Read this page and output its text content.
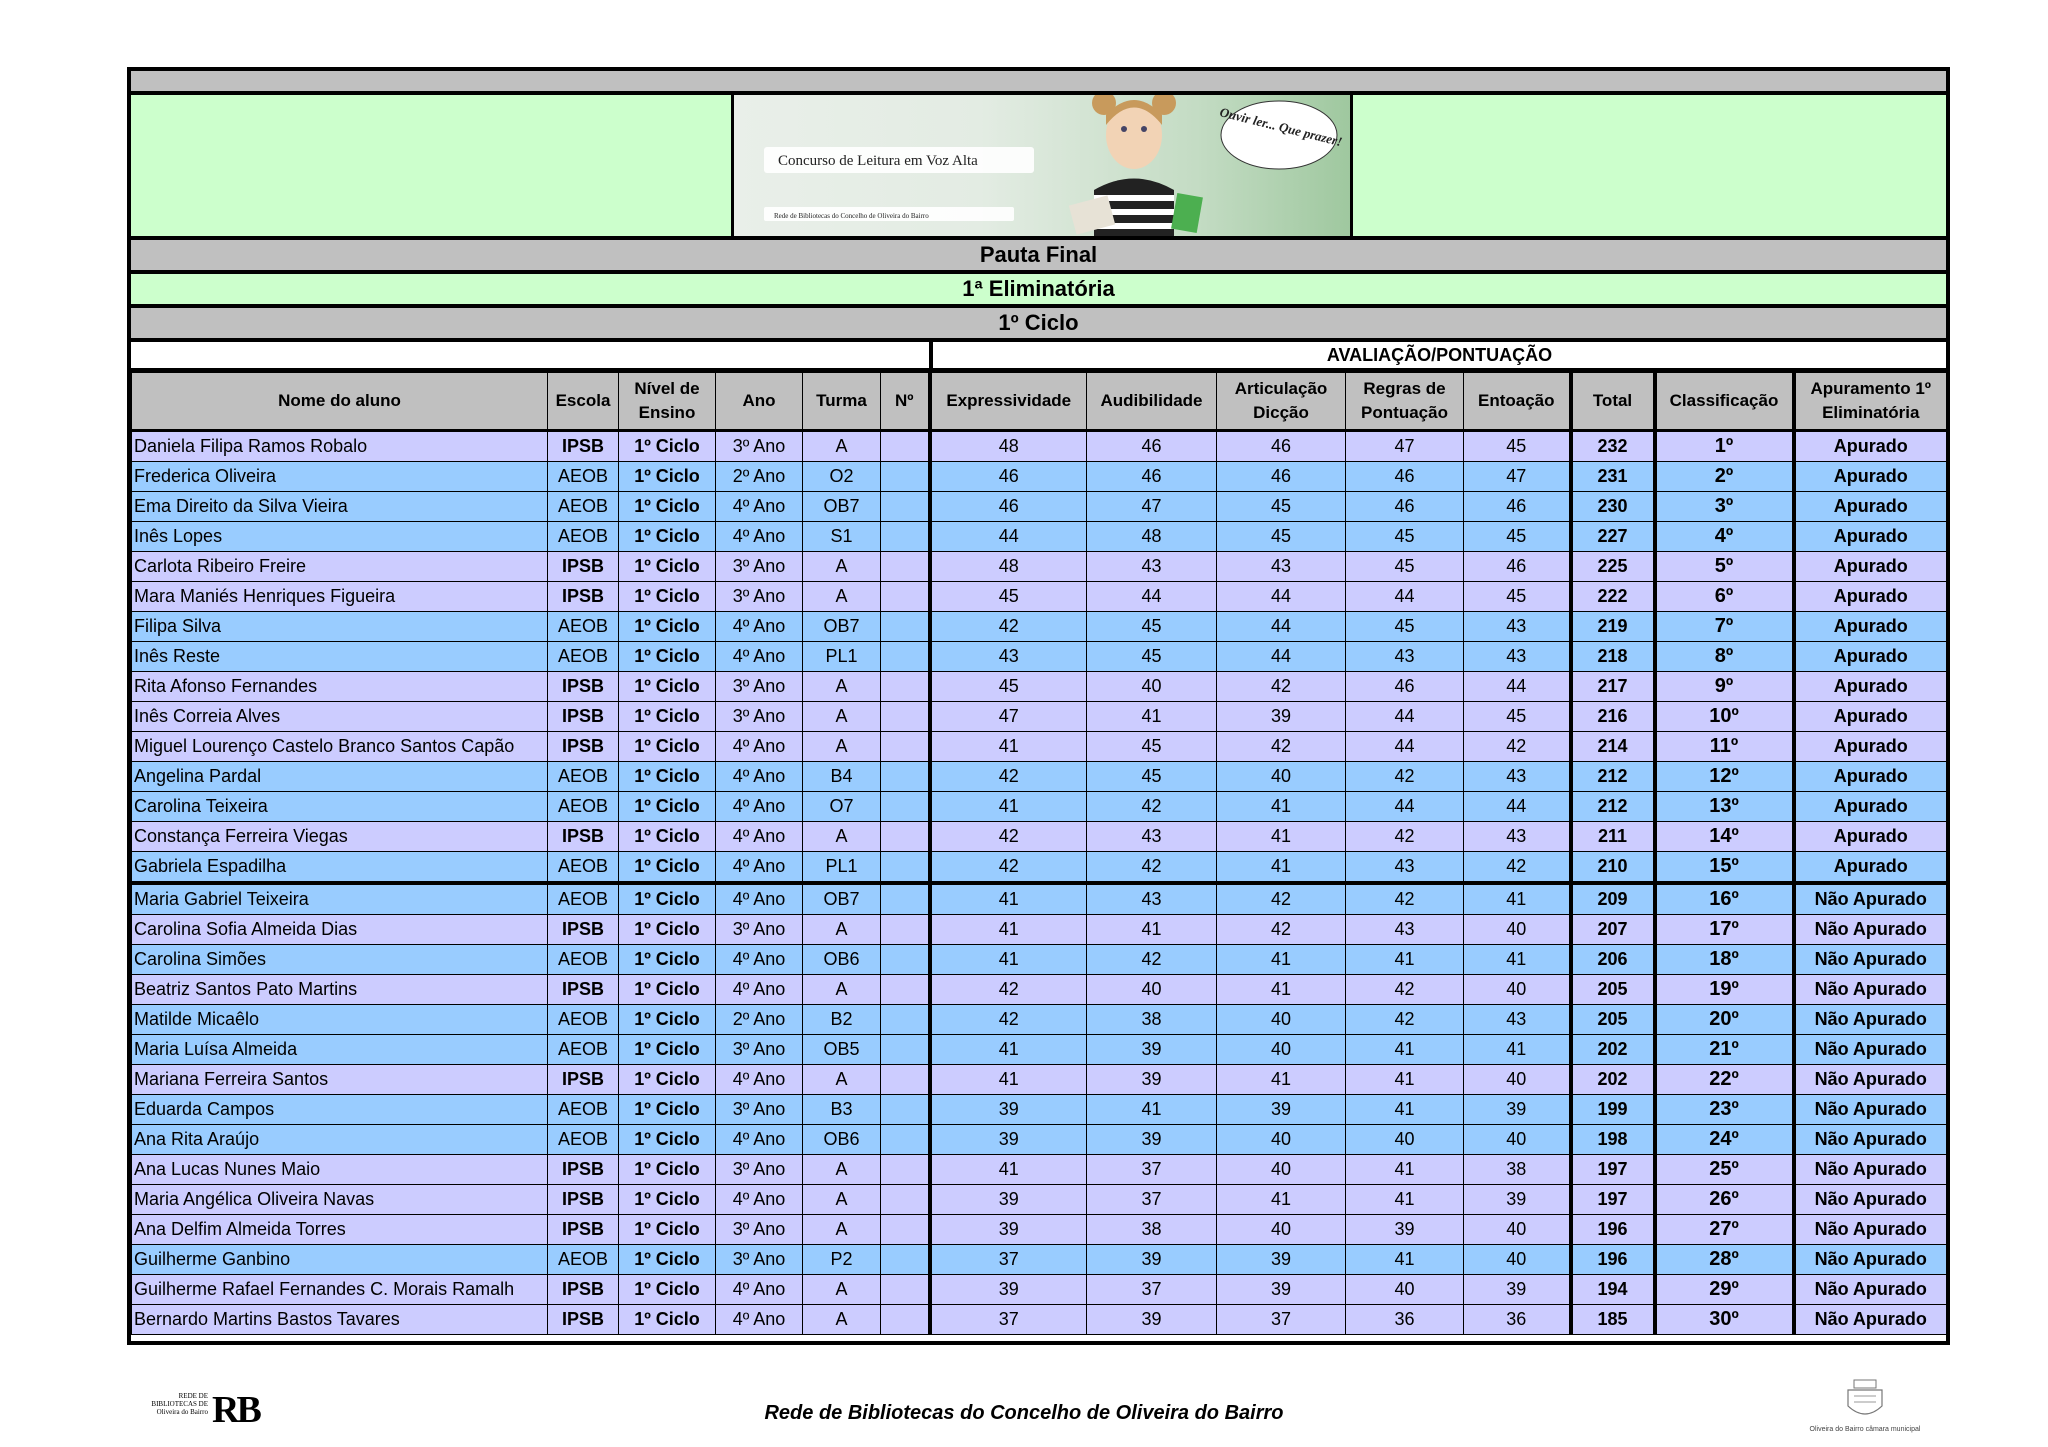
Concurso de Leitura em Voz Alta
Rede de Bibliotecas do Concelho de Oliveira do Bairro
Ouvir ler... Que prazer!
Pauta Final
1ª Eliminatória
1º Ciclo
AVALIAÇÃO/PONTUAÇÃO
Nome do aluno	Escola	Nível de Ensino	Ano	Turma	Nº	Expressividade	Audibilidade	Articulação Dicção	Regras de Pontuação	Entoação	Total	Classificação	Apuramento 1º Eliminatória
Daniela Filipa Ramos Robalo	IPSB	1º Ciclo	3º Ano	A		48	46	46	47	45	232	1º	Apurado
Frederica Oliveira	AEOB	1º Ciclo	2º Ano	O2		46	46	46	46	47	231	2º	Apurado
Ema Direito da Silva Vieira	AEOB	1º Ciclo	4º Ano	OB7		46	47	45	46	46	230	3º	Apurado
Inês Lopes	AEOB	1º Ciclo	4º Ano	S1		44	48	45	45	45	227	4º	Apurado
Carlota Ribeiro Freire	IPSB	1º Ciclo	3º Ano	A		48	43	43	45	46	225	5º	Apurado
Mara Maniés Henriques Figueira	IPSB	1º Ciclo	3º Ano	A		45	44	44	44	45	222	6º	Apurado
Filipa Silva	AEOB	1º Ciclo	4º Ano	OB7		42	45	44	45	43	219	7º	Apurado
Inês Reste	AEOB	1º Ciclo	4º Ano	PL1		43	45	44	43	43	218	8º	Apurado
Rita Afonso Fernandes	IPSB	1º Ciclo	3º Ano	A		45	40	42	46	44	217	9º	Apurado
Inês Correia Alves	IPSB	1º Ciclo	3º Ano	A		47	41	39	44	45	216	10º	Apurado
Miguel Lourenço Castelo Branco Santos Capão	IPSB	1º Ciclo	4º Ano	A		41	45	42	44	42	214	11º	Apurado
Angelina Pardal	AEOB	1º Ciclo	4º Ano	B4		42	45	40	42	43	212	12º	Apurado
Carolina Teixeira	AEOB	1º Ciclo	4º Ano	O7		41	42	41	44	44	212	13º	Apurado
Constança Ferreira Viegas	IPSB	1º Ciclo	4º Ano	A		42	43	41	42	43	211	14º	Apurado
Gabriela Espadilha	AEOB	1º Ciclo	4º Ano	PL1		42	42	41	43	42	210	15º	Apurado
Maria Gabriel Teixeira	AEOB	1º Ciclo	4º Ano	OB7		41	43	42	42	41	209	16º	Não Apurado
Carolina Sofia Almeida Dias	IPSB	1º Ciclo	3º Ano	A		41	41	42	43	40	207	17º	Não Apurado
Carolina Simões	AEOB	1º Ciclo	4º Ano	OB6		41	42	41	41	41	206	18º	Não Apurado
Beatriz Santos Pato Martins	IPSB	1º Ciclo	4º Ano	A		42	40	41	42	40	205	19º	Não Apurado
Matilde Micaêlo	AEOB	1º Ciclo	2º Ano	B2		42	38	40	42	43	205	20º	Não Apurado
Maria Luísa Almeida	AEOB	1º Ciclo	3º Ano	OB5		41	39	40	41	41	202	21º	Não Apurado
Mariana Ferreira Santos	IPSB	1º Ciclo	4º Ano	A		41	39	41	41	40	202	22º	Não Apurado
Eduarda Campos	AEOB	1º Ciclo	3º Ano	B3		39	41	39	41	39	199	23º	Não Apurado
Ana Rita Araújo	AEOB	1º Ciclo	4º Ano	OB6		39	39	40	40	40	198	24º	Não Apurado
Ana Lucas Nunes Maio	IPSB	1º Ciclo	3º Ano	A		41	37	40	41	38	197	25º	Não Apurado
Maria Angélica Oliveira Navas	IPSB	1º Ciclo	4º Ano	A		39	37	41	41	39	197	26º	Não Apurado
Ana Delfim Almeida Torres	IPSB	1º Ciclo	3º Ano	A		39	38	40	39	40	196	27º	Não Apurado
Guilherme Ganbino	AEOB	1º Ciclo	3º Ano	P2		37	39	39	41	40	196	28º	Não Apurado
Guilherme Rafael Fernandes C. Morais Ramalh	IPSB	1º Ciclo	4º Ano	A		39	37	39	40	39	194	29º	Não Apurado
Bernardo Martins Bastos Tavares	IPSB	1º Ciclo	4º Ano	A		37	39	37	36	36	185	30º	Não Apurado
REDE DE BIBLIOTECAS DE Oliveira do Bairro RB	Rede de Bibliotecas do Concelho de Oliveira do Bairro
Oliveira do Bairro câmara municipal
